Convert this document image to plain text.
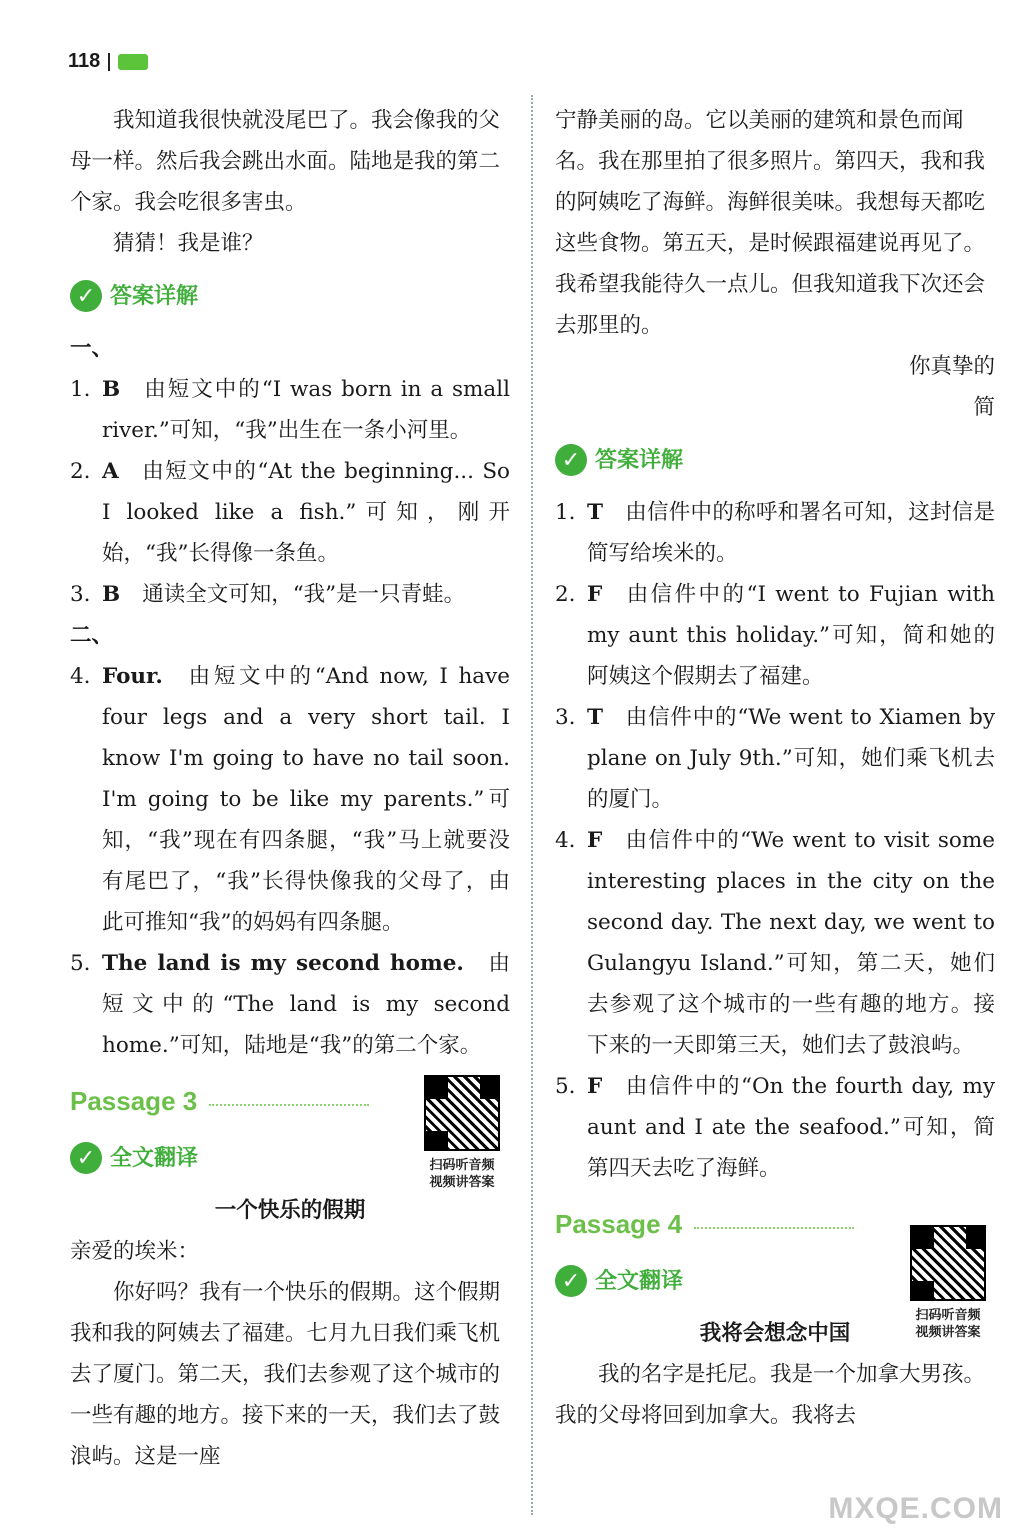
118

我知道我很快就没尾巴了。我会像我的父母一样。然后我会跳出水面。陆地是我的第二个家。我会吃很多害虫。

猜猜！我是谁？

✓ 答案详解

一、

1. B 由短文中的“I was born in a small river.”可知，“我”出生在一条小河里。
2. A 由短文中的“At the beginning... So I looked like a fish.”可知，刚开始，“我”长得像一条鱼。
3. B 通读全文可知，“我”是一只青蛙。

二、

4. Four. 由短文中的“And now, I have four legs and a very short tail. I know I'm going to have no tail soon. I'm going to be like my parents.”可知，“我”现在有四条腿，“我”马上就要没有尾巴了，“我”长得快像我的父母了，由此可推知“我”的妈妈有四条腿。
5. The land is my second home. 由短文中的“The land is my second home.”可知，陆地是“我”的第二个家。
Passage 3
✓ 全文翻译

一个快乐的假期

亲爱的埃米：

你好吗？我有一个快乐的假期。这个假期我和我的阿姨去了福建。七月九日我们乘飞机去了厦门。第二天，我们去参观了这个城市的一些有趣的地方。接下来的一天，我们去了鼓浪屿。这是一座

扫码听音频
视频讲答案

宁静美丽的岛。它以美丽的建筑和景色而闻名。我在那里拍了很多照片。第四天，我和我的阿姨吃了海鲜。海鲜很美味。我想每天都吃这些食物。第五天，是时候跟福建说再见了。我希望我能待久一点儿。但我知道我下次还会去那里的。

你真挚的

简

✓ 答案详解
1. T 由信件中的称呼和署名可知，这封信是简写给埃米的。
2. F 由信件中的“I went to Fujian with my aunt this holiday.”可知，简和她的阿姨这个假期去了福建。
3. T 由信件中的“We went to Xiamen by plane on July 9th.”可知，她们乘飞机去的厦门。
4. F 由信件中的“We went to visit some interesting places in the city on the second day. The next day, we went to Gulangyu Island.”可知，第二天，她们去参观了这个城市的一些有趣的地方。接下来的一天即第三天，她们去了鼓浪屿。
5. F 由信件中的“On the fourth day, my aunt and I ate the seafood.”可知，简第四天去吃了海鲜。
Passage 4
✓ 全文翻译

我将会想念中国

我的名字是托尼。我是一个加拿大男孩。我的父母将回到加拿大。我将去

扫码听音频
视频讲答案
MXQE.COM
